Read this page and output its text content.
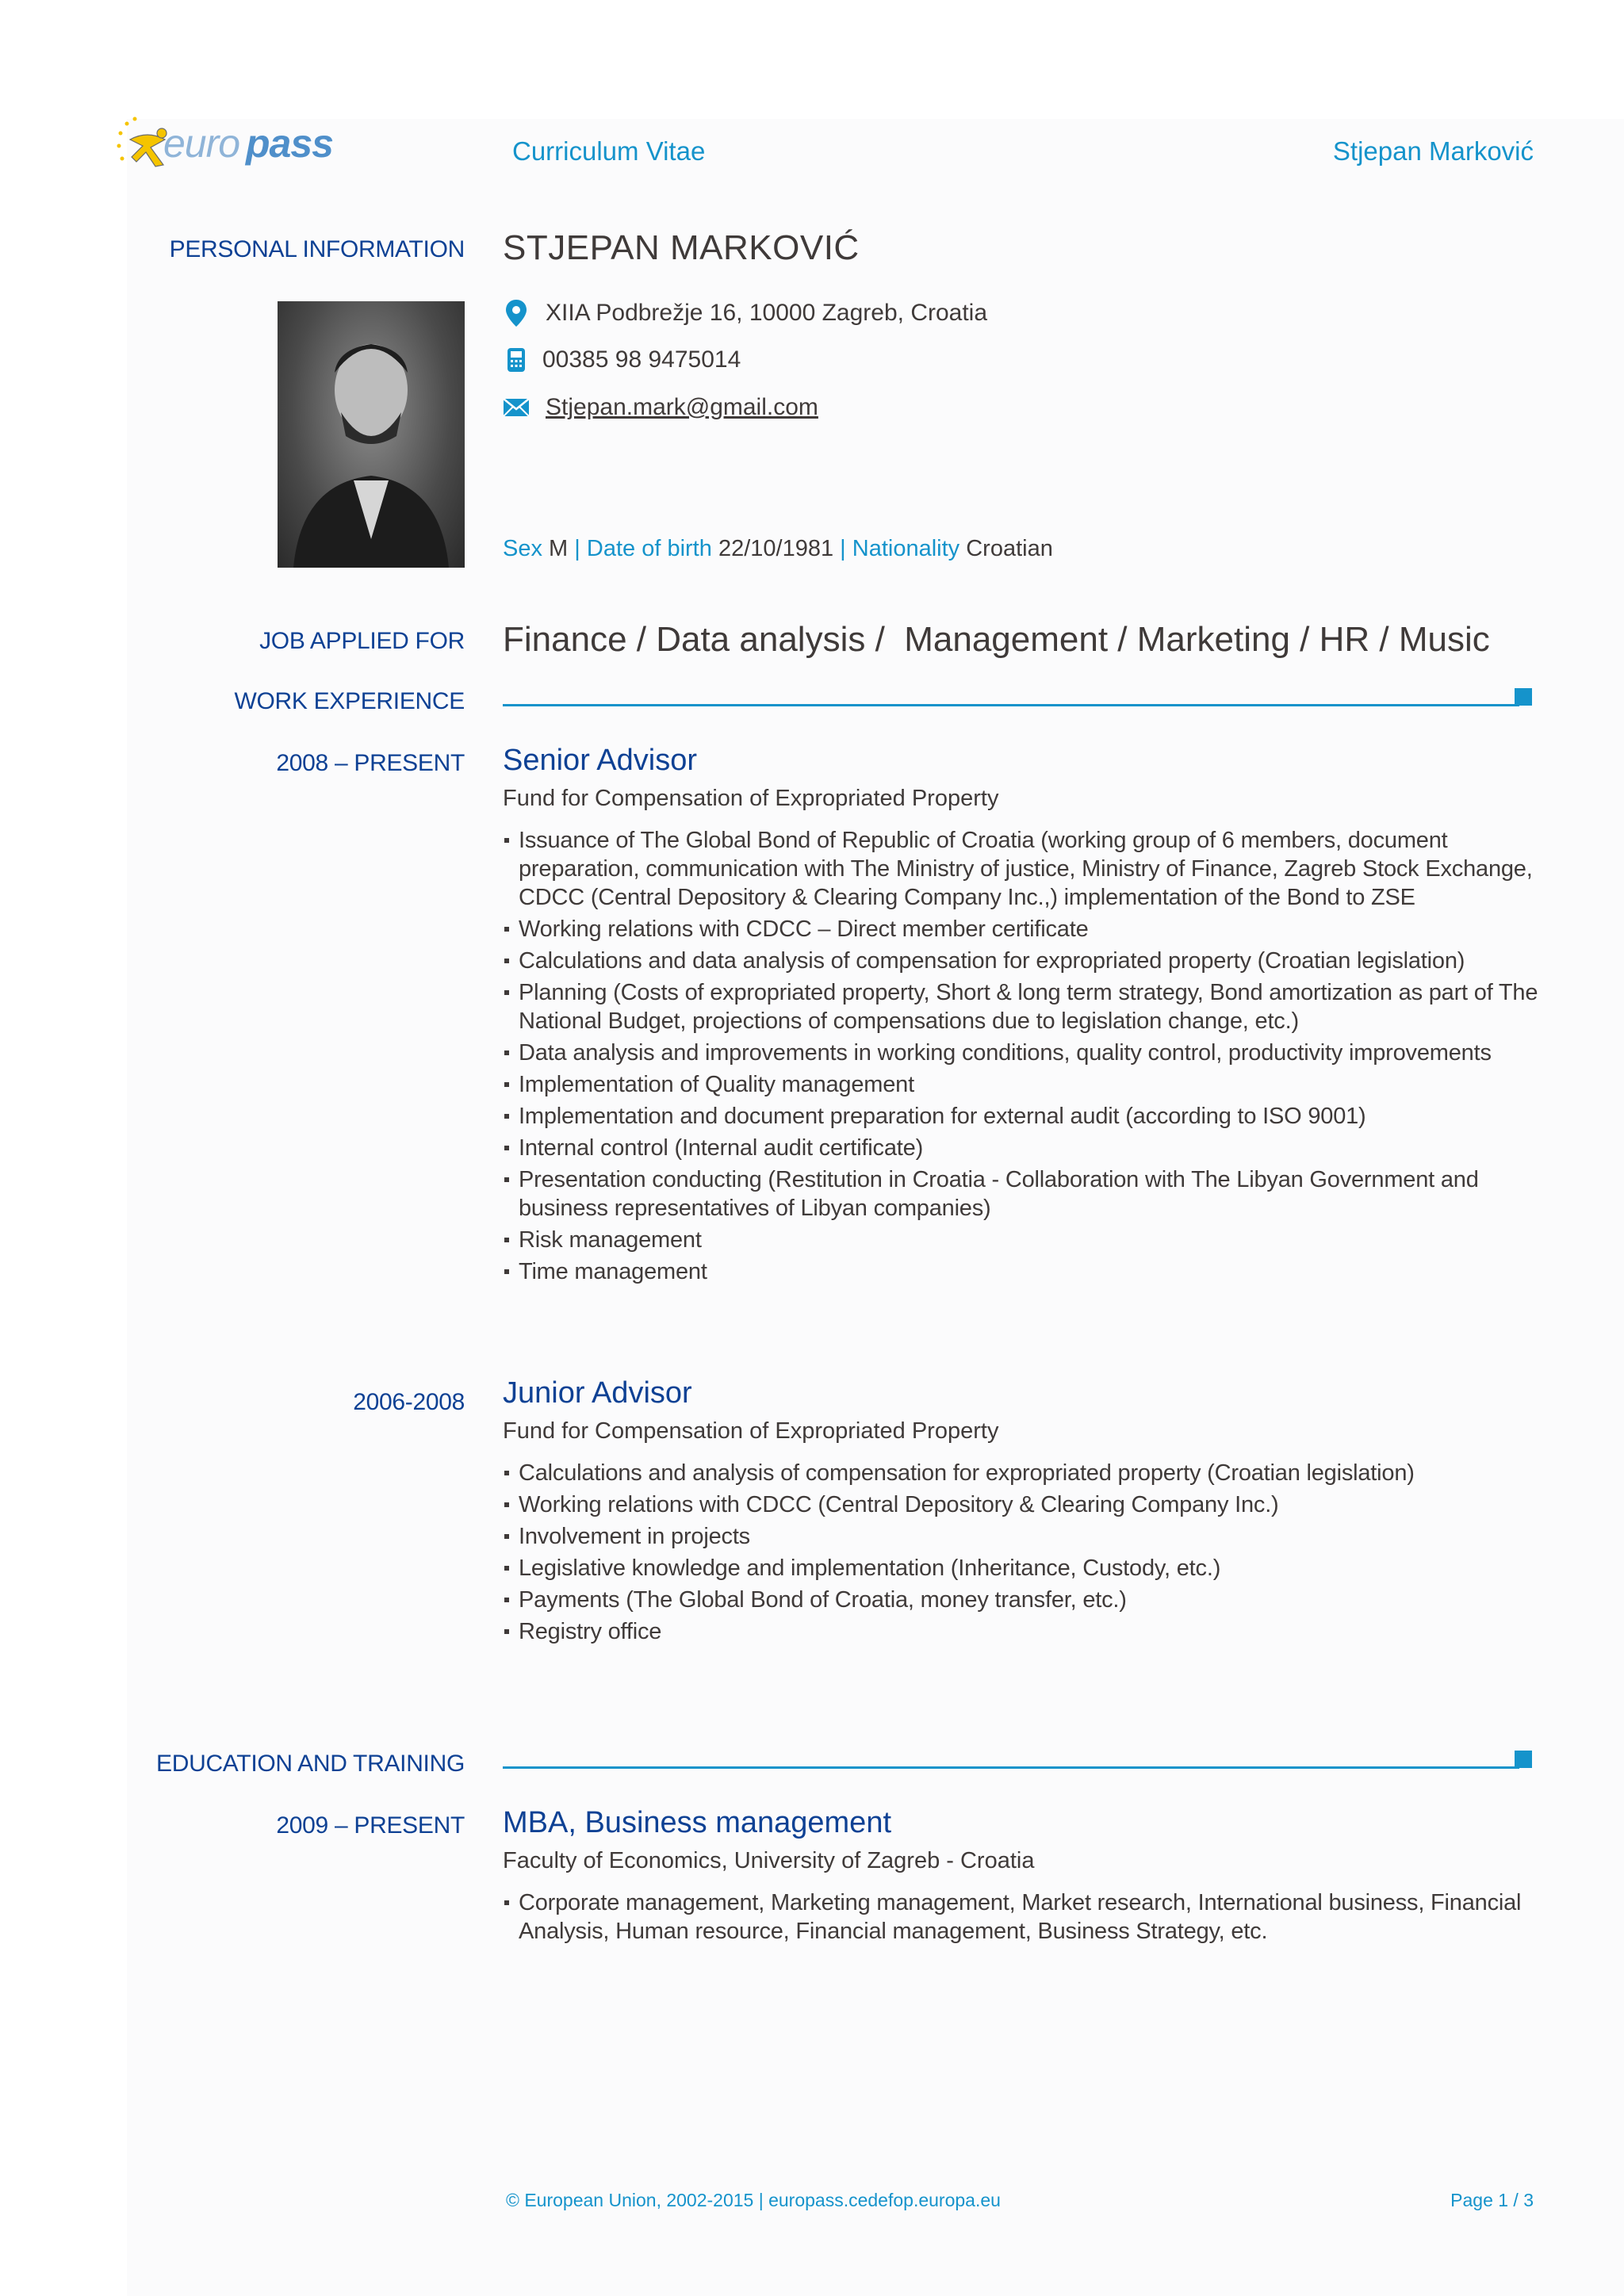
euro pass	Curriculum Vitae	Stjepan Marković
PERSONAL INFORMATION STJEPAN MARKOVIĆ
XIIA Podbrežje 16, 10000 Zagreb, Croatia
00385 98 9475014
Stjepan.mark@gmail.com
Sex M | Date of birth 22/10/1981 | Nationality Croatian
JOB APPLIED FOR Finance / Data analysis /  Management / Marketing / HR / Music
WORK EXPERIENCE
2008 – PRESENT Senior Advisor
Fund for Compensation of Expropriated Property
Issuance of The Global Bond of Republic of Croatia (working group of 6 members, document preparation, communication with The Ministry of justice, Ministry of Finance, Zagreb Stock Exchange, CDCC (Central Depository & Clearing Company Inc.,) implementation of the Bond to ZSE
Working relations with CDCC – Direct member certificate
Calculations and data analysis of compensation for expropriated property (Croatian legislation)
Planning (Costs of expropriated property, Short & long term strategy, Bond amortization as part of The National Budget, projections of compensations due to legislation change, etc.)
Data analysis and improvements in working conditions, quality control, productivity improvements
Implementation of Quality management
Implementation and document preparation for external audit (according to ISO 9001)
Internal control (Internal audit certificate)
Presentation conducting (Restitution in Croatia - Collaboration with The Libyan Government and business representatives of Libyan companies)
Risk management
Time management
2006-2008 Junior Advisor
Fund for Compensation of Expropriated Property
Calculations and analysis of compensation for expropriated property (Croatian legislation)
Working relations with CDCC (Central Depository & Clearing Company Inc.)
Involvement in projects
Legislative knowledge and implementation (Inheritance, Custody, etc.)
Payments (The Global Bond of Croatia, money transfer, etc.)
Registry office
EDUCATION AND TRAINING
2009 – PRESENT MBA, Business management
Faculty of Economics, University of Zagreb - Croatia
Corporate management, Marketing management, Market research, International business, Financial Analysis, Human resource, Financial management, Business Strategy, etc.
© European Union, 2002-2015 | europass.cedefop.europa.eu	Page 1 / 3
